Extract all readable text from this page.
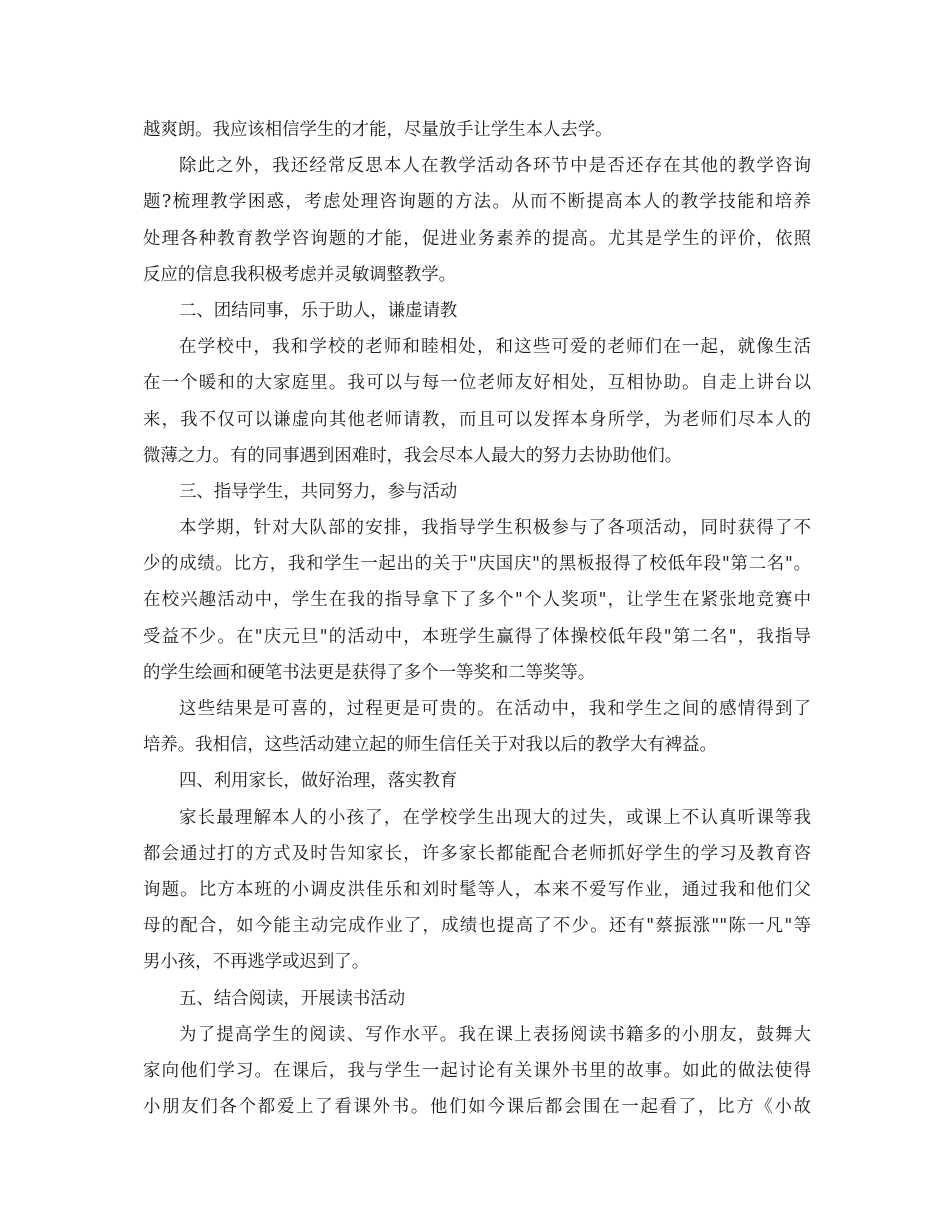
越爽朗。我应该相信学生的才能，尽量放手让学生本人去学。
除此之外，我还经常反思本人在教学活动各环节中是否还存在其他的教学咨询
题?梳理教学困惑，考虑处理咨询题的方法。从而不断提高本人的教学技能和培养
处理各种教育教学咨询题的才能，促进业务素养的提高。尤其是学生的评价，依照
反应的信息我积极考虑并灵敏调整教学。
二、团结同事，乐于助人，谦虚请教
在学校中，我和学校的老师和睦相处，和这些可爱的老师们在一起，就像生活
在一个暖和的大家庭里。我可以与每一位老师友好相处，互相协助。自走上讲台以
来，我不仅可以谦虚向其他老师请教，而且可以发挥本身所学，为老师们尽本人的
微薄之力。有的同事遇到困难时，我会尽本人最大的努力去协助他们。
三、指导学生，共同努力，参与活动
本学期，针对大队部的安排，我指导学生积极参与了各项活动，同时获得了不
少的成绩。比方，我和学生一起出的关于"庆国庆"的黑板报得了校低年段"第二名"。
在校兴趣活动中，学生在我的指导拿下了多个"个人奖项"，让学生在紧张地竞赛中
受益不少。在"庆元旦"的活动中，本班学生赢得了体操校低年段"第二名"，我指导
的学生绘画和硬笔书法更是获得了多个一等奖和二等奖等。
这些结果是可喜的，过程更是可贵的。在活动中，我和学生之间的感情得到了
培养。我相信，这些活动建立起的师生信任关于对我以后的教学大有裨益。
四、利用家长，做好治理，落实教育
家长最理解本人的小孩了，在学校学生出现大的过失，或课上不认真听课等我
都会通过打的方式及时告知家长，许多家长都能配合老师抓好学生的学习及教育咨
询题。比方本班的小调皮洪佳乐和刘时髦等人，本来不爱写作业，通过我和他们父
母的配合，如今能主动完成作业了，成绩也提高了不少。还有"蔡振涨""陈一凡"等
男小孩，不再逃学或迟到了。
五、结合阅读，开展读书活动
为了提高学生的阅读、写作水平。我在课上表扬阅读书籍多的小朋友，鼓舞大
家向他们学习。在课后，我与学生一起讨论有关课外书里的故事。如此的做法使得
小朋友们各个都爱上了看课外书。他们如今课后都会围在一起看了，比方《小故
